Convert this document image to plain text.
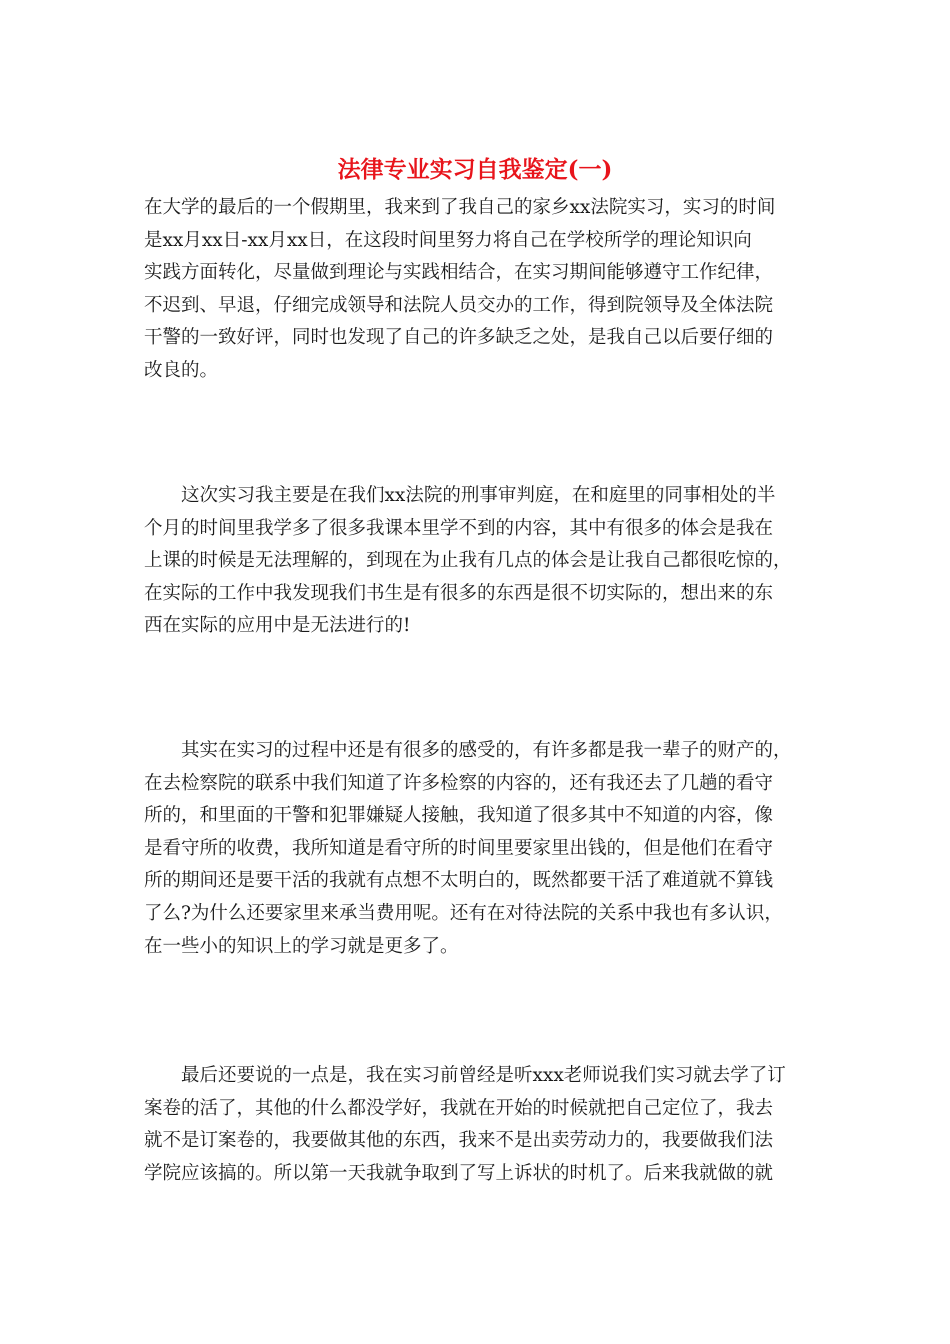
法律专业实习自我鉴定(一)
在大学的最后的一个假期里，我来到了我自己的家乡xx法院实习，实习的时间
是xx月xx日-xx月xx日，在这段时间里努力将自己在学校所学的理论知识向
实践方面转化，尽量做到理论与实践相结合，在实习期间能够遵守工作纪律，
不迟到、早退，仔细完成领导和法院人员交办的工作，得到院领导及全体法院
干警的一致好评，同时也发现了自己的许多缺乏之处，是我自己以后要仔细的
改良的。
　　这次实习我主要是在我们xx法院的刑事审判庭，在和庭里的同事相处的半
个月的时间里我学多了很多我课本里学不到的内容，其中有很多的体会是我在
上课的时候是无法理解的，到现在为止我有几点的体会是让我自己都很吃惊的，
在实际的工作中我发现我们书生是有很多的东西是很不切实际的，想出来的东
西在实际的应用中是无法进行的!
　　其实在实习的过程中还是有很多的感受的，有许多都是我一辈子的财产的，
在去检察院的联系中我们知道了许多检察的内容的，还有我还去了几趟的看守
所的，和里面的干警和犯罪嫌疑人接触，我知道了很多其中不知道的内容，像
是看守所的收费，我所知道是看守所的时间里要家里出钱的，但是他们在看守
所的期间还是要干活的我就有点想不太明白的，既然都要干活了难道就不算钱
了么?为什么还要家里来承当费用呢。还有在对待法院的关系中我也有多认识，
在一些小的知识上的学习就是更多了。
　　最后还要说的一点是，我在实习前曾经是听xxx老师说我们实习就去学了订
案卷的活了，其他的什么都没学好，我就在开始的时候就把自己定位了，我去
就不是订案卷的，我要做其他的东西，我来不是出卖劳动力的，我要做我们法
学院应该搞的。所以第一天我就争取到了写上诉状的时机了。后来我就做的就
